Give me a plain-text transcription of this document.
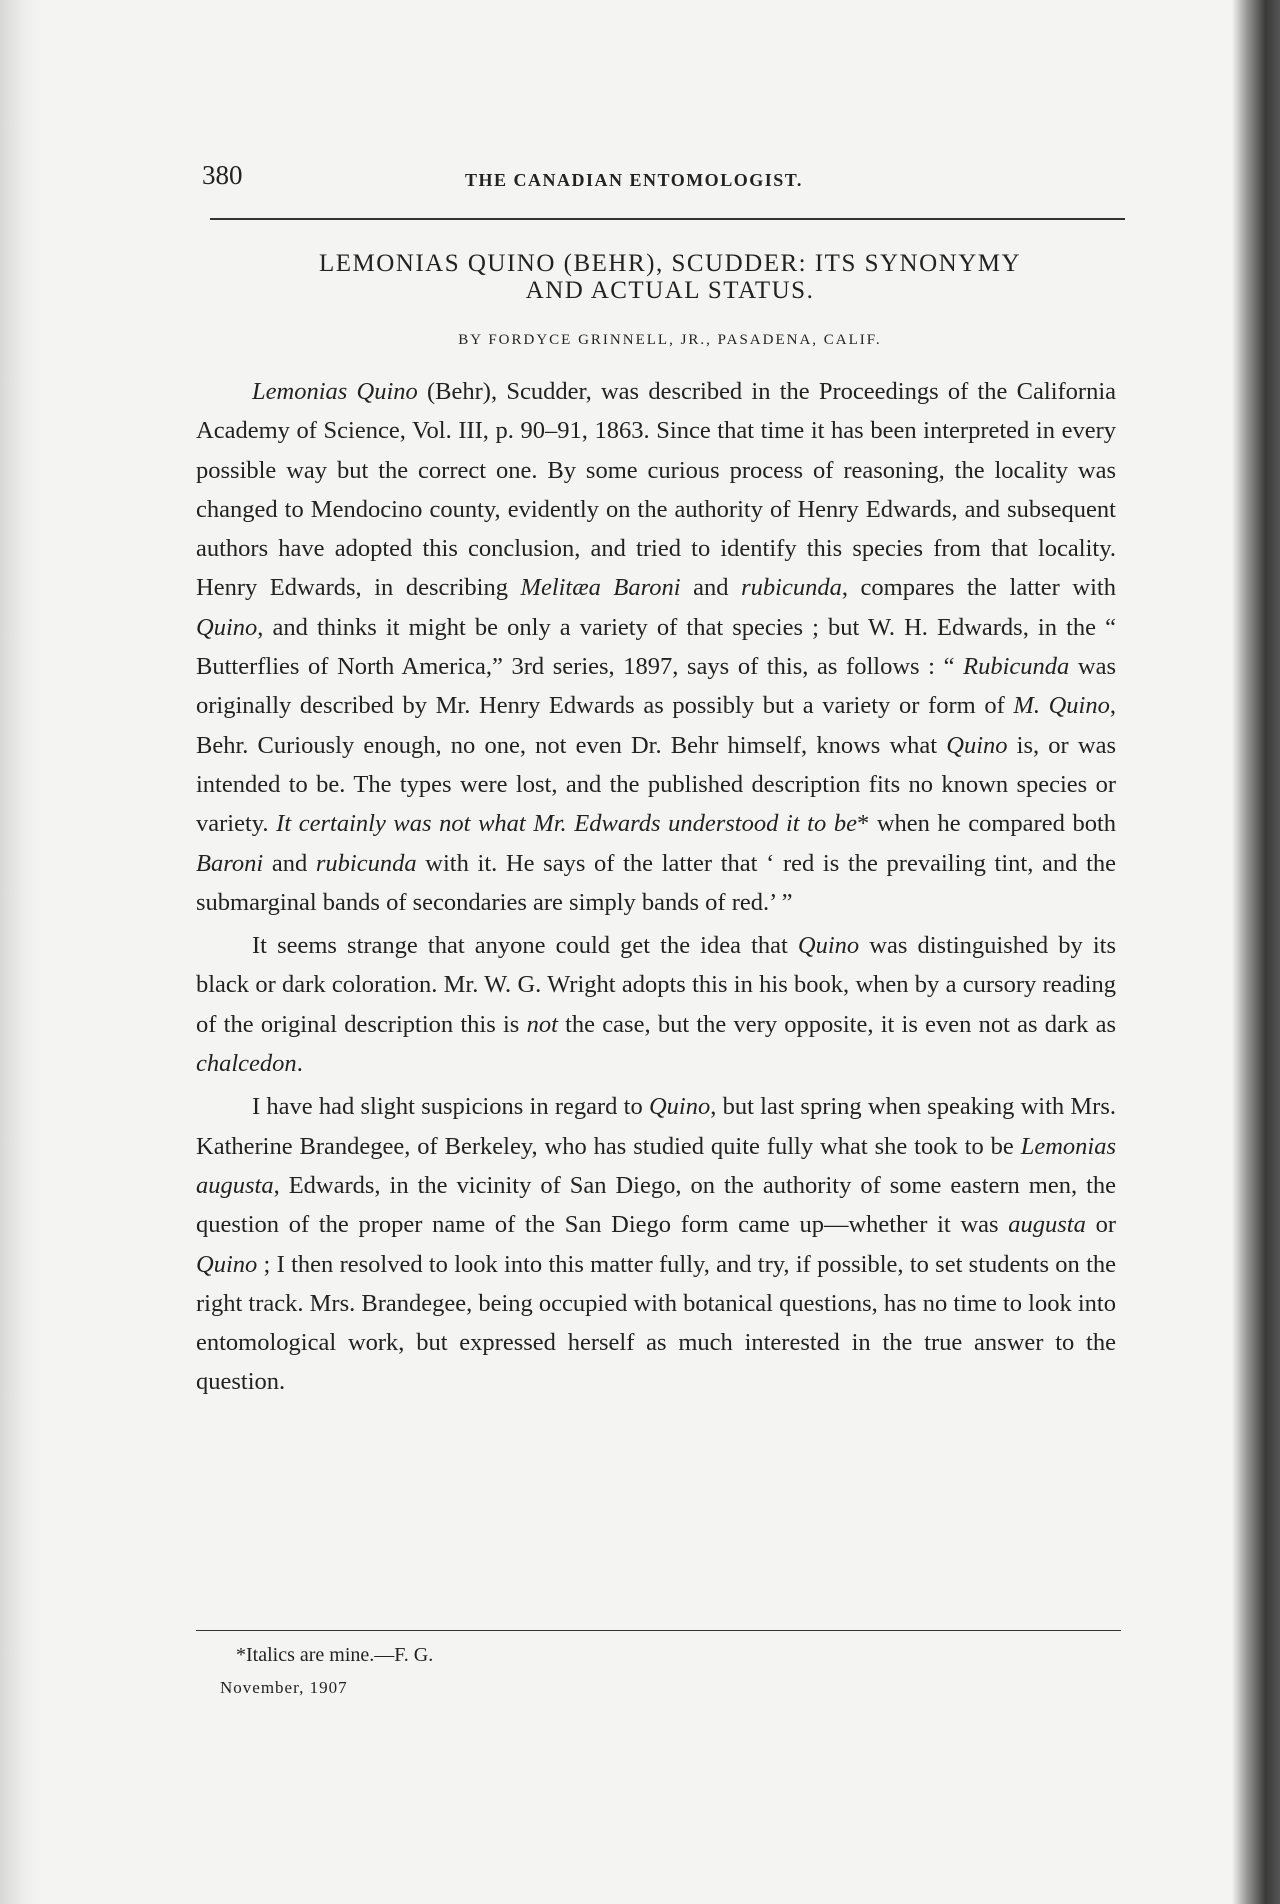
380	THE CANADIAN ENTOMOLOGIST.
LEMONIAS QUINO (BEHR), SCUDDER: ITS SYNONYMY
AND ACTUAL STATUS.
BY FORDYCE GRINNELL, JR., PASADENA, CALIF.

Lemonias Quino (Behr), Scudder, was described in the Proceedings of the California Academy of Science, Vol. III, p. 90–91, 1863. Since that time it has been interpreted in every possible way but the correct one. By some curious process of reasoning, the locality was changed to Mendocino county, evidently on the authority of Henry Edwards, and subsequent authors have adopted this conclusion, and tried to identify this species from that locality. Henry Edwards, in describing Melitæa Baroni and rubicunda, compares the latter with Quino, and thinks it might be only a variety of that species ; but W. H. Edwards, in the “ Butterflies of North America,” 3rd series, 1897, says of this, as follows : “ Rubicunda was originally described by Mr. Henry Edwards as possibly but a variety or form of M. Quino, Behr. Curiously enough, no one, not even Dr. Behr himself, knows what Quino is, or was intended to be. The types were lost, and the published description fits no known species or variety. It certainly was not what Mr. Edwards understood it to be* when he compared both Baroni and rubicunda with it. He says of the latter that ‘ red is the prevailing tint, and the submarginal bands of secondaries are simply bands of red.’ ”

It seems strange that anyone could get the idea that Quino was distinguished by its black or dark coloration. Mr. W. G. Wright adopts this in his book, when by a cursory reading of the original description this is not the case, but the very opposite, it is even not as dark as chalcedon.

I have had slight suspicions in regard to Quino, but last spring when speaking with Mrs. Katherine Brandegee, of Berkeley, who has studied quite fully what she took to be Lemonias augusta, Edwards, in the vicinity of San Diego, on the authority of some eastern men, the question of the proper name of the San Diego form came up—whether it was augusta or Quino ; I then resolved to look into this matter fully, and try, if possible, to set students on the right track. Mrs. Brandegee, being occupied with botanical questions, has no time to look into entomological work, but expressed herself as much interested in the true answer to the question.

*Italics are mine.—F. G.
November, 1907
